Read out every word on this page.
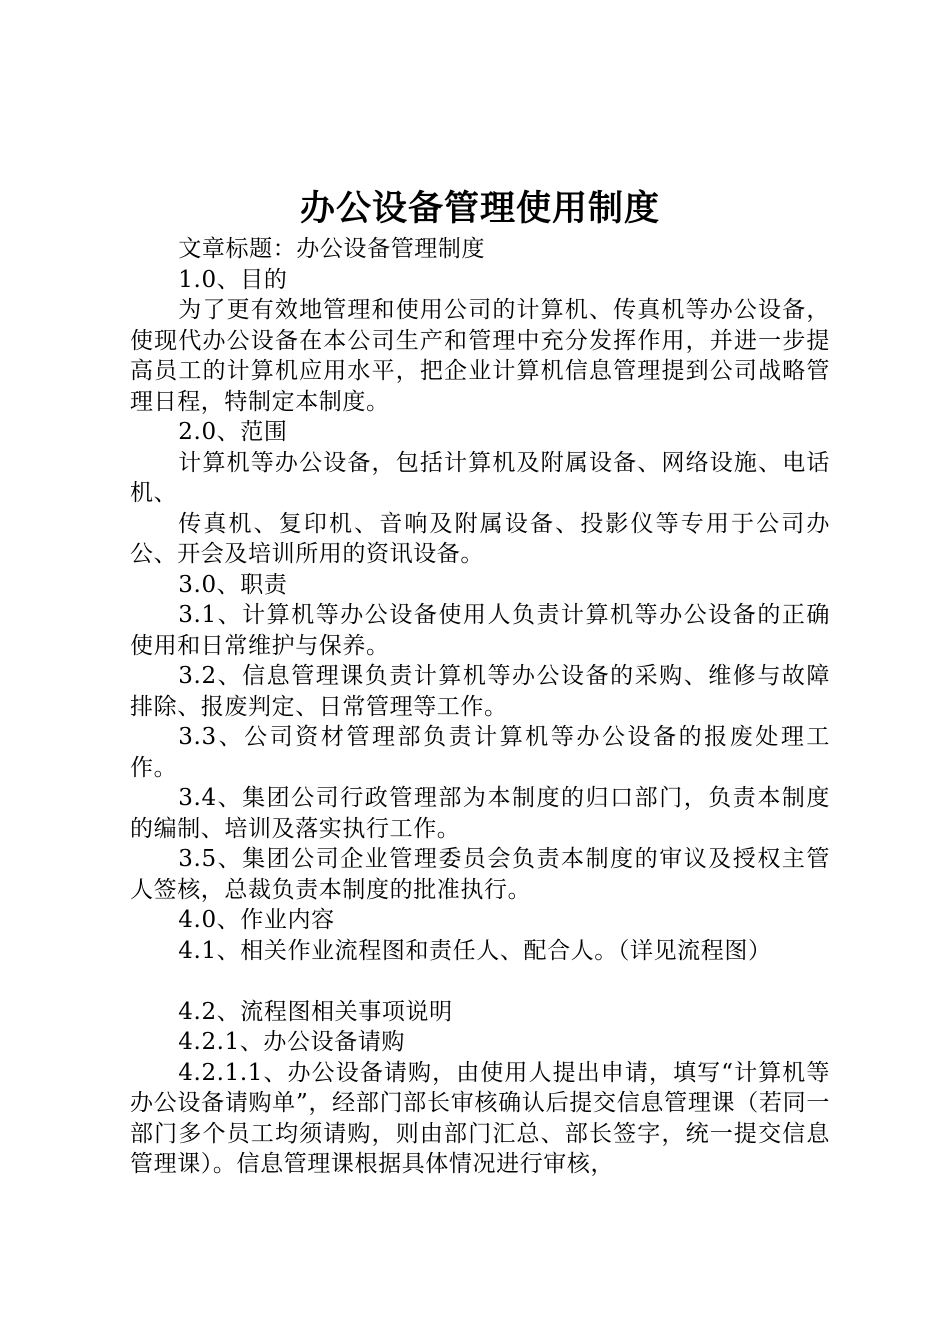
办公设备管理使用制度

文章标题：办公设备管理制度

1.0、目的

为了更有效地管理和使用公司的计算机、传真机等办公设备，使现代办公设备在本公司生产和管理中充分发挥作用，并进一步提高员工的计算机应用水平，把企业计算机信息管理提到公司战略管理日程，特制定本制度。

2.0、范围

计算机等办公设备，包括计算机及附属设备、网络设施、电话机、

传真机、复印机、音响及附属设备、投影仪等专用于公司办公、开会及培训所用的资讯设备。

3.0、职责

3.1、计算机等办公设备使用人负责计算机等办公设备的正确使用和日常维护与保养。

3.2、信息管理课负责计算机等办公设备的采购、维修与故障排除、报废判定、日常管理等工作。

3.3、公司资材管理部负责计算机等办公设备的报废处理工作。

3.4、集团公司行政管理部为本制度的归口部门，负责本制度的编制、培训及落实执行工作。

3.5、集团公司企业管理委员会负责本制度的审议及授权主管人签核，总裁负责本制度的批准执行。

4.0、作业内容

4.1、相关作业流程图和责任人、配合人。（详见流程图）

4.2、流程图相关事项说明

4.2.1、办公设备请购

4.2.1.1、办公设备请购，由使用人提出申请，填写“计算机等办公设备请购单”，经部门部长审核确认后提交信息管理课（若同一部门多个员工均须请购，则由部门汇总、部长签字，统一提交信息管理课）。信息管理课根据具体情况进行审核，
